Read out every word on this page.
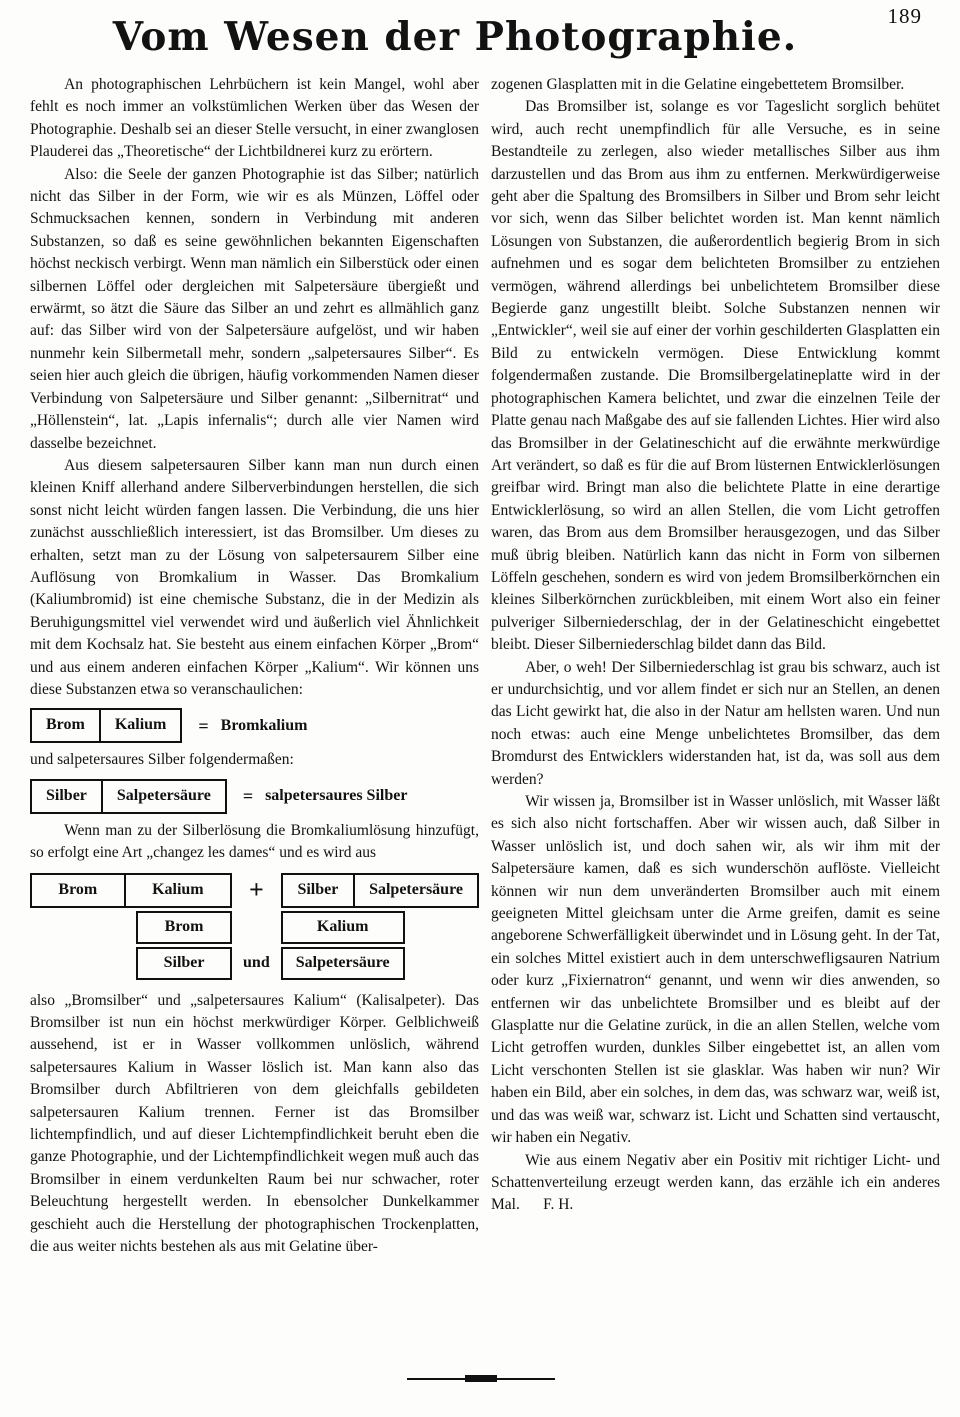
189
Vom Wesen der Photographie.

An photographischen Lehrbüchern ist kein Mangel, wohl aber fehlt es noch immer an volkstümlichen Werken über das Wesen der Photographie. Deshalb sei an dieser Stelle versucht, in einer zwanglosen Plauderei das „Theoretische“ der Lichtbildnerei kurz zu erörtern.

Also: die Seele der ganzen Photographie ist das Silber; natürlich nicht das Silber in der Form, wie wir es als Münzen, Löffel oder Schmucksachen kennen, sondern in Verbindung mit anderen Substanzen, so daß es seine gewöhnlichen bekannten Eigenschaften höchst neckisch verbirgt. Wenn man nämlich ein Silberstück oder einen silbernen Löffel oder dergleichen mit Salpetersäure übergießt und erwärmt, so ätzt die Säure das Silber an und zehrt es allmählich ganz auf: das Silber wird von der Salpetersäure aufgelöst, und wir haben nunmehr kein Silbermetall mehr, sondern „salpetersaures Silber“. Es seien hier auch gleich die übrigen, häufig vorkommenden Namen dieser Verbindung von Salpetersäure und Silber genannt: „Silbernitrat“ und „Höllenstein“, lat. „Lapis infernalis“; durch alle vier Namen wird dasselbe bezeichnet.

Aus diesem salpetersauren Silber kann man nun durch einen kleinen Kniff allerhand andere Silberverbindungen herstellen, die sich sonst nicht leicht würden fangen lassen. Die Verbindung, die uns hier zunächst ausschließlich interessiert, ist das Bromsilber. Um dieses zu erhalten, setzt man zu der Lösung von salpetersaurem Silber eine Auflösung von Bromkalium in Wasser. Das Bromkalium (Kaliumbromid) ist eine chemische Substanz, die in der Medizin als Beruhigungsmittel viel verwendet wird und äußerlich viel Ähnlichkeit mit dem Kochsalz hat. Sie besteht aus einem einfachen Körper „Brom“ und aus einem anderen einfachen Körper „Kalium“. Wir können uns diese Substanzen etwa so veranschaulichen:

Brom	Kalium	= Bromkalium

und salpetersaures Silber folgendermaßen:

Silber	Salpetersäure	= salpetersaures Silber

Wenn man zu der Silberlösung die Bromkaliumlösung hinzufügt, so erfolgt eine Art „changez les dames“ und es wird aus

Brom	Kalium
Brom
Silber
+
und
Silber	Salpetersäure
Kalium
Salpetersäure

also „Bromsilber“ und „salpetersaures Kalium“ (Kalisalpeter). Das Bromsilber ist nun ein höchst merkwürdiger Körper. Gelblichweiß aussehend, ist er in Wasser vollkommen unlöslich, während salpetersaures Kalium in Wasser löslich ist. Man kann also das Bromsilber durch Abfiltrieren von dem gleichfalls gebildeten salpetersauren Kalium trennen. Ferner ist das Bromsilber lichtempfindlich, und auf dieser Lichtempfindlichkeit beruht eben die ganze Photographie, und der Lichtempfindlichkeit wegen muß auch das Bromsilber in einem verdunkelten Raum bei nur schwacher, roter Beleuchtung hergestellt werden. In ebensolcher Dunkelkammer geschieht auch die Herstellung der photographischen Trockenplatten, die aus weiter nichts bestehen als aus mit Gelatine über-

zogenen Glasplatten mit in die Gelatine eingebettetem Bromsilber.

Das Bromsilber ist, solange es vor Tageslicht sorglich behütet wird, auch recht unempfindlich für alle Versuche, es in seine Bestandteile zu zerlegen, also wieder metallisches Silber aus ihm darzustellen und das Brom aus ihm zu entfernen. Merkwürdigerweise geht aber die Spaltung des Bromsilbers in Silber und Brom sehr leicht vor sich, wenn das Silber belichtet worden ist. Man kennt nämlich Lösungen von Substanzen, die außerordentlich begierig Brom in sich aufnehmen und es sogar dem belichteten Bromsilber zu entziehen vermögen, während allerdings bei unbelichtetem Bromsilber diese Begierde ganz ungestillt bleibt. Solche Substanzen nennen wir „Entwickler“, weil sie auf einer der vorhin geschilderten Glasplatten ein Bild zu entwickeln vermögen. Diese Entwicklung kommt folgendermaßen zustande. Die Bromsilbergelatineplatte wird in der photographischen Kamera belichtet, und zwar die einzelnen Teile der Platte genau nach Maßgabe des auf sie fallenden Lichtes. Hier wird also das Bromsilber in der Gelatineschicht auf die erwähnte merkwürdige Art verändert, so daß es für die auf Brom lüsternen Entwicklerlösungen greifbar wird. Bringt man also die belichtete Platte in eine derartige Entwicklerlösung, so wird an allen Stellen, die vom Licht getroffen waren, das Brom aus dem Bromsilber herausgezogen, und das Silber muß übrig bleiben. Natürlich kann das nicht in Form von silbernen Löffeln geschehen, sondern es wird von jedem Bromsilberkörnchen ein kleines Silberkörnchen zurückbleiben, mit einem Wort also ein feiner pulveriger Silberniederschlag, der in der Gelatineschicht eingebettet bleibt. Dieser Silberniederschlag bildet dann das Bild.

Aber, o weh! Der Silberniederschlag ist grau bis schwarz, auch ist er undurchsichtig, und vor allem findet er sich nur an Stellen, an denen das Licht gewirkt hat, die also in der Natur am hellsten waren. Und nun noch etwas: auch eine Menge unbelichtetes Bromsilber, das dem Bromdurst des Entwicklers widerstanden hat, ist da, was soll aus dem werden?

Wir wissen ja, Bromsilber ist in Wasser unlöslich, mit Wasser läßt es sich also nicht fortschaffen. Aber wir wissen auch, daß Silber in Wasser unlöslich ist, und doch sahen wir, als wir ihm mit der Salpetersäure kamen, daß es sich wunderschön auflöste. Vielleicht können wir nun dem unveränderten Bromsilber auch mit einem geeigneten Mittel gleichsam unter die Arme greifen, damit es seine angeborene Schwerfälligkeit überwindet und in Lösung geht. In der Tat, ein solches Mittel existiert auch in dem unterschwefligsauren Natrium oder kurz „Fixiernatron“ genannt, und wenn wir dies anwenden, so entfernen wir das unbelichtete Bromsilber und es bleibt auf der Glasplatte nur die Gelatine zurück, in die an allen Stellen, welche vom Licht getroffen wurden, dunkles Silber eingebettet ist, an allen vom Licht verschonten Stellen ist sie glasklar. Was haben wir nun? Wir haben ein Bild, aber ein solches, in dem das, was schwarz war, weiß ist, und das was weiß war, schwarz ist. Licht und Schatten sind vertauscht, wir haben ein Negativ.

Wie aus einem Negativ aber ein Positiv mit richtiger Licht- und Schattenverteilung erzeugt werden kann, das erzähle ich ein anderes Mal. F. H.
